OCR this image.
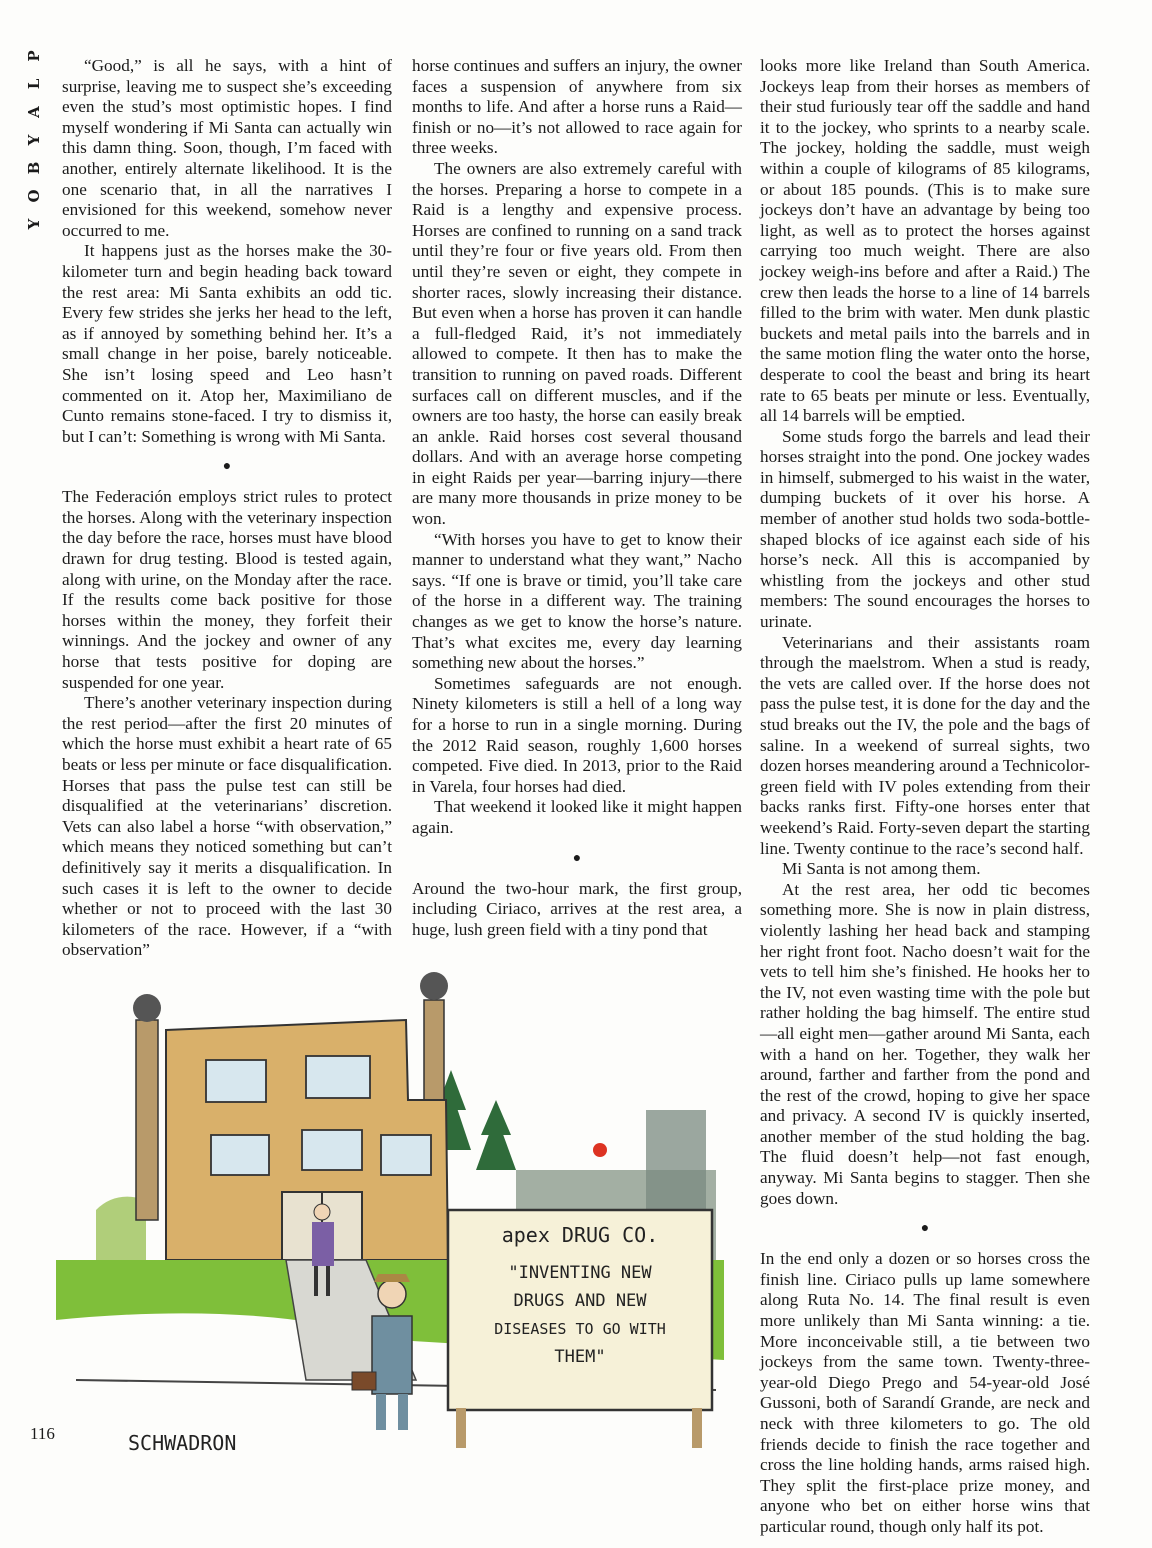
P
L
A
Y
B
O
Y

“Good,” is all he says, with a hint of surprise, leaving me to suspect she’s exceeding even the stud’s most optimistic hopes. I find myself wondering if Mi Santa can actually win this damn thing. Soon, though, I’m faced with another, entirely alternate likelihood. It is the one scenario that, in all the narratives I envisioned for this weekend, somehow never occurred to me.

It happens just as the horses make the 30-kilometer turn and begin heading back toward the rest area: Mi Santa exhibits an odd tic. Every few strides she jerks her head to the left, as if annoyed by something behind her. It’s a small change in her poise, barely noticeable. She isn’t losing speed and Leo hasn’t commented on it. Atop her, Maximiliano de Cunto remains stone-faced. I try to dismiss it, but I can’t: Something is wrong with Mi Santa.

●

The Federación employs strict rules to protect the horses. Along with the veterinary inspection the day before the race, horses must have blood drawn for drug testing. Blood is tested again, along with urine, on the Monday after the race. If the results come back positive for those horses within the money, they forfeit their winnings. And the jockey and owner of any horse that tests positive for doping are suspended for one year.

There’s another veterinary inspection during the rest period—after the first 20 minutes of which the horse must exhibit a heart rate of 65 beats or less per minute or face disqualification. Horses that pass the pulse test can still be disqualified at the veterinarians’ discretion. Vets can also label a horse “with observation,” which means they noticed something but can’t definitively say it merits a disqualification. In such cases it is left to the owner to decide whether or not to proceed with the last 30 kilometers of the race. However, if a “with observation”

horse continues and suffers an injury, the owner faces a suspension of anywhere from six months to life. And after a horse runs a Raid—finish or no—it’s not allowed to race again for three weeks.

The owners are also extremely careful with the horses. Preparing a horse to compete in a Raid is a lengthy and expensive process. Horses are confined to running on a sand track until they’re four or five years old. From then until they’re seven or eight, they compete in shorter races, slowly increasing their distance. But even when a horse has proven it can handle a full-fledged Raid, it’s not immediately allowed to compete. It then has to make the transition to running on paved roads. Different surfaces call on different muscles, and if the owners are too hasty, the horse can easily break an ankle. Raid horses cost several thousand dollars. And with an average horse competing in eight Raids per year—barring injury—there are many more thousands in prize money to be won.

“With horses you have to get to know their manner to understand what they want,” Nacho says. “If one is brave or timid, you’ll take care of the horse in a different way. The training changes as we get to know the horse’s nature. That’s what excites me, every day learning something new about the horses.”

Sometimes safeguards are not enough. Ninety kilometers is still a hell of a long way for a horse to run in a single morning. During the 2012 Raid season, roughly 1,600 horses competed. Five died. In 2013, prior to the Raid in Varela, four horses had died.

That weekend it looked like it might happen again.

●

Around the two-hour mark, the first group, including Ciriaco, arrives at the rest area, a huge, lush green field with a tiny pond that

looks more like Ireland than South America. Jockeys leap from their horses as members of their stud furiously tear off the saddle and hand it to the jockey, who sprints to a nearby scale. The jockey, holding the saddle, must weigh within a couple of kilograms of 85 kilograms, or about 185 pounds. (This is to make sure jockeys don’t have an advantage by being too light, as well as to protect the horses against carrying too much weight. There are also jockey weigh-ins before and after a Raid.) The crew then leads the horse to a line of 14 barrels filled to the brim with water. Men dunk plastic buckets and metal pails into the barrels and in the same motion fling the water onto the horse, desperate to cool the beast and bring its heart rate to 65 beats per minute or less. Eventually, all 14 barrels will be emptied.

Some studs forgo the barrels and lead their horses straight into the pond. One jockey wades in himself, submerged to his waist in the water, dumping buckets of it over his horse. A member of another stud holds two soda-bottle-shaped blocks of ice against each side of his horse’s neck. All this is accompanied by whistling from the jockeys and other stud members: The sound encourages the horses to urinate.

Veterinarians and their assistants roam through the maelstrom. When a stud is ready, the vets are called over. If the horse does not pass the pulse test, it is done for the day and the stud breaks out the IV, the pole and the bags of saline. In a weekend of surreal sights, two dozen horses meandering around a Technicolor-green field with IV poles extending from their backs ranks first. Fifty-one horses enter that weekend’s Raid. Forty-seven depart the starting line. Twenty continue to the race’s second half.

Mi Santa is not among them.

At the rest area, her odd tic becomes something more. She is now in plain distress, violently lashing her head back and stamping her right front foot. Nacho doesn’t wait for the vets to tell him she’s finished. He hooks her to the IV, not even wasting time with the pole but rather holding the bag himself. The entire stud—all eight men—gather around Mi Santa, each with a hand on her. Together, they walk her around, farther and farther from the pond and the rest of the crowd, hoping to give her space and privacy. A second IV is quickly inserted, another member of the stud holding the bag. The fluid doesn’t help—not fast enough, anyway. Mi Santa begins to stagger. Then she goes down.

●

In the end only a dozen or so horses cross the finish line. Ciriaco pulls up lame somewhere along Ruta No. 14. The final result is even more unlikely than Mi Santa winning: a tie. More inconceivable still, a tie between two jockeys from the same town. Twenty-three-year-old Diego Prego and 54-year-old José Gussoni, both of Sarandí Grande, are neck and neck with three kilometers to go. The old friends decide to finish the race together and cross the line holding hands, arms raised high. They split the first-place prize money, and anyone who bet on either horse wins that particular round, though only half its pot.

apex DRUG CO.
"INVENTING NEW
DRUGS AND NEW
DISEASES TO GO WITH
THEM"
SCHWADRON
116
